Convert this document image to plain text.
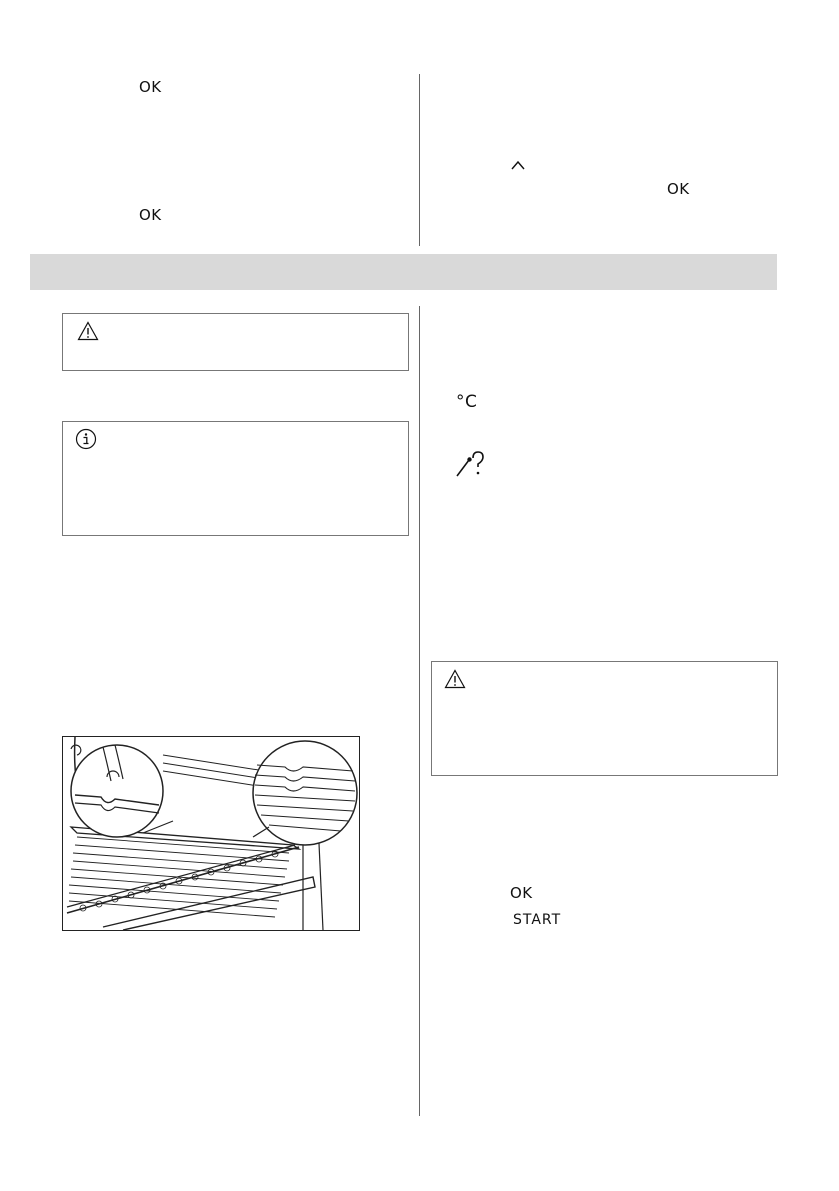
OK
OK
OK
°C
OK
START
